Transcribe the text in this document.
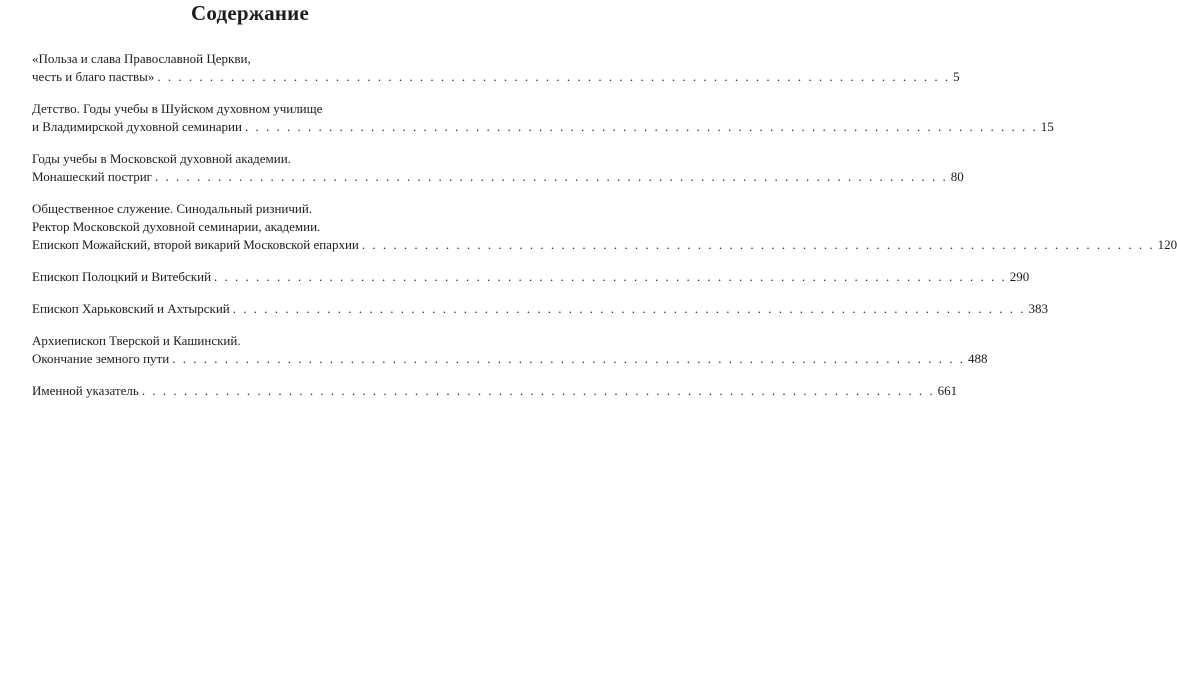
Содержание
«Польза и слава Православной Церкви,
честь и благо паствы» . . . . . . . . . . . . . . . . . . . . . . . . . . . . . . . . . . . . . . . . . . . . . . . . . . . . . . . . . . . . . . . . . . . . . . . . . . . . 5
Детство. Годы учебы в Шуйском духовном училище
и Владимирской духовной семинарии . . . . . . . . . . . . . . . . . . . . . . . . . . . . . . . . . . . . . . . . . . . . . . . . . . . . . . . . . . . . . . . . . . . . . . . . . . . . 15
Годы учебы в Московской духовной академии.
Монашеский постриг . . . . . . . . . . . . . . . . . . . . . . . . . . . . . . . . . . . . . . . . . . . . . . . . . . . . . . . . . . . . . . . . . . . . . . . . . . . . 80
Общественное служение. Синодальный ризничий.
Ректор Московской духовной семинарии, академии.
Епископ Можайский, второй викарий Московской епархии . . . . . . . . . . . . . . . . . . . . . . . . . . . . . . . . . . . . . . . . . . . . . . . . . . . . . . . . . . . . . . . . . . . . . . . . . . . . 120
Епископ Полоцкий и Витебский . . . . . . . . . . . . . . . . . . . . . . . . . . . . . . . . . . . . . . . . . . . . . . . . . . . . . . . . . . . . . . . . . . . . . . . . . . . . 290
Епископ Харьковский и Ахтырский . . . . . . . . . . . . . . . . . . . . . . . . . . . . . . . . . . . . . . . . . . . . . . . . . . . . . . . . . . . . . . . . . . . . . . . . . . . . 383
Архиепископ Тверской и Кашинский.
Окончание земного пути . . . . . . . . . . . . . . . . . . . . . . . . . . . . . . . . . . . . . . . . . . . . . . . . . . . . . . . . . . . . . . . . . . . . . . . . . . . . 488
Именной указатель . . . . . . . . . . . . . . . . . . . . . . . . . . . . . . . . . . . . . . . . . . . . . . . . . . . . . . . . . . . . . . . . . . . . . . . . . . . . 661
